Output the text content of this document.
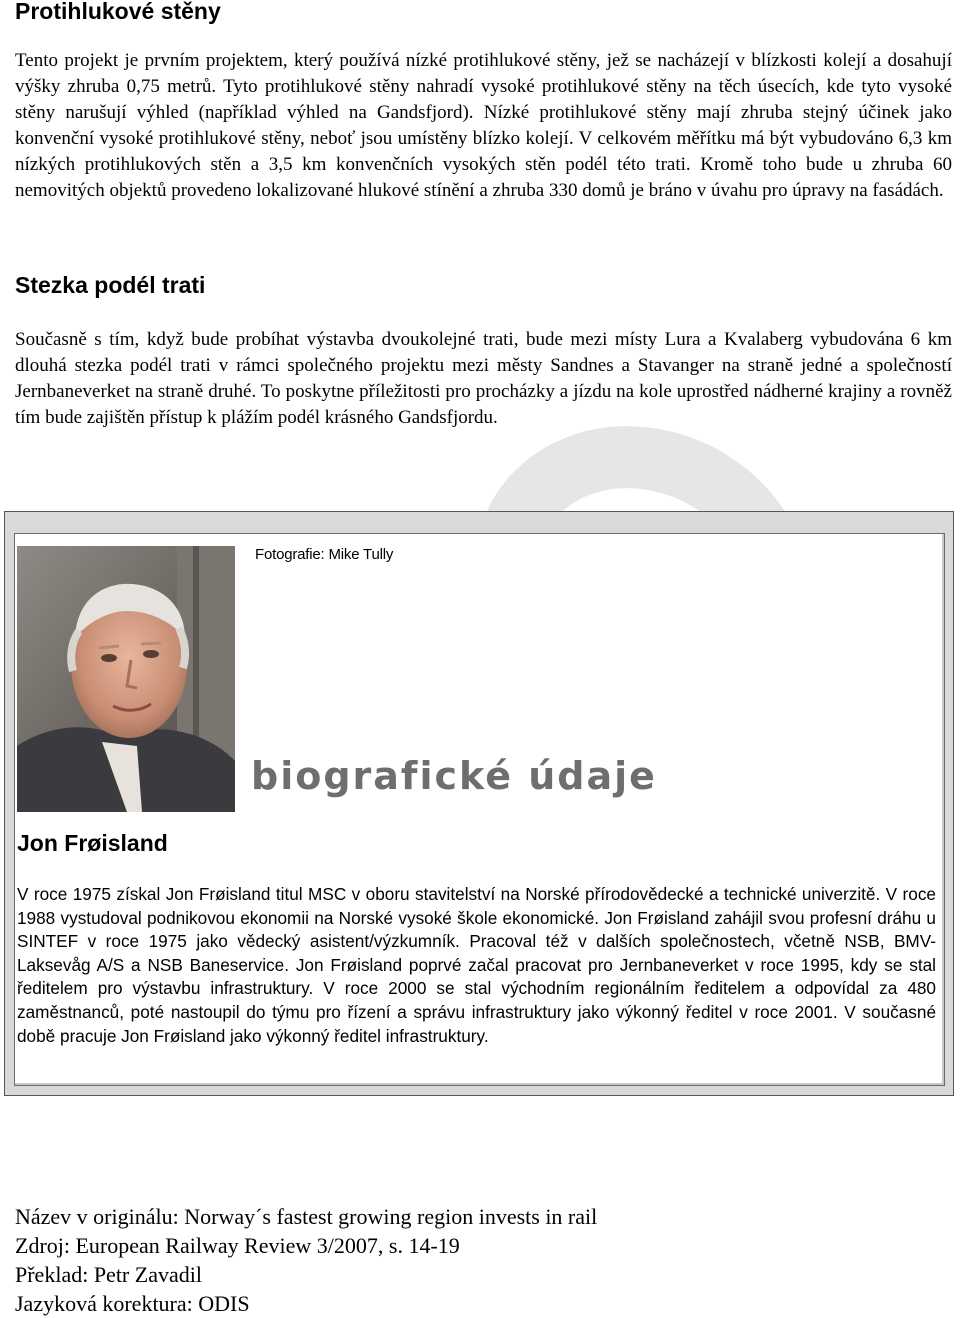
Protihlukové stěny

Tento projekt je prvním projektem, který používá nízké protihlukové stěny, jež se nacházejí v blízkosti kolejí a dosahují výšky zhruba 0,75 metrů. Tyto protihlukové stěny nahradí vysoké protihlukové stěny na těch úsecích, kde tyto vysoké stěny narušují výhled (například výhled na Gandsfjord). Nízké protihlukové stěny mají zhruba stejný účinek jako konvenční vysoké protihlukové stěny, neboť jsou umístěny blízko kolejí. V celkovém měřítku má být vybudováno 6,3 km nízkých protihlukových stěn a 3,5 km konvenčních vysokých stěn podél této trati. Kromě toho bude u zhruba 60 nemovitých objektů provedeno lokalizované hlukové stínění a zhruba 330 domů je bráno v úvahu pro úpravy na fasádách.

Stezka podél trati

Současně s tím, když bude probíhat výstavba dvoukolejné trati, bude mezi místy Lura a Kvalaberg vybudována 6 km dlouhá stezka podél trati v rámci společného projektu mezi městy Sandnes a Stavanger na straně jedné a společností Jernbaneverket na straně druhé. To poskytne příležitosti pro procházky a jízdu na kole uprostřed nádherné krajiny a rovněž tím bude zajištěn přístup k plážím podél krásného Gandsfjordu.

Fotografie: Mike Tully

biografické údaje
Jon Frøisland

V roce 1975 získal Jon Frøisland titul MSC v oboru stavitelství na Norské přírodovědecké a technické univerzitě. V roce 1988 vystudoval podnikovou ekonomii na Norské vysoké škole ekonomické. Jon Frøisland zahájil svou profesní dráhu u SINTEF v roce 1975 jako vědecký asistent/výzkumník. Pracoval též v dalších společnostech, včetně NSB, BMV-Laksevåg A/S a NSB Baneservice. Jon Frøisland poprvé začal pracovat pro Jernbaneverket v roce 1995, kdy se stal ředitelem pro výstavbu infrastruktury. V roce 2000 se stal východním regionálním ředitelem a odpovídal za 480 zaměstnanců, poté nastoupil do týmu pro řízení a správu infrastruktury jako výkonný ředitel v roce 2001. V současné době pracuje Jon Frøisland jako výkonný ředitel infrastruktury.

Název v originálu: Norway´s fastest growing region invests in rail
Zdroj: European Railway Review 3/2007, s. 14-19
Překlad: Petr Zavadil
Jazyková korektura: ODIS
